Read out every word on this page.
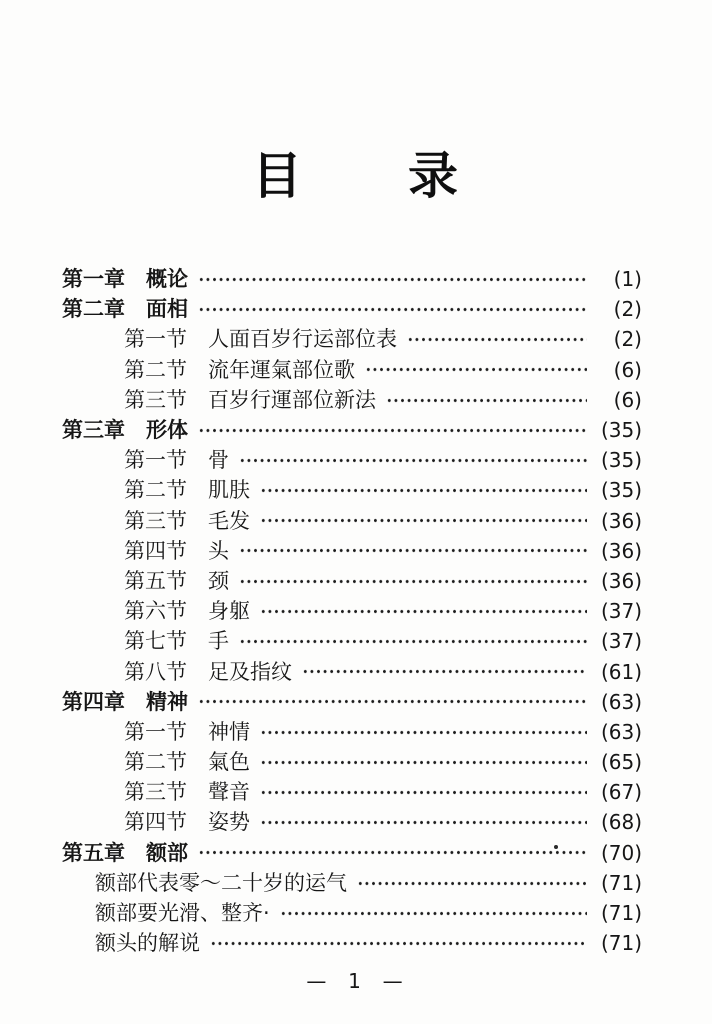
目　　录
第一章　概论	(1)
第二章　面相	(2)
第一节　人面百岁行运部位表	(2)
第二节　流年運氣部位歌	(6)
第三节　百岁行運部位新法	(6)
第三章　形体	(35)
第一节　骨	(35)
第二节　肌肤	(35)
第三节　毛发	(36)
第四节　头	(36)
第五节　颈	(36)
第六节　身躯	(37)
第七节　手	(37)
第八节　足及指纹	(61)
第四章　精神	(63)
第一节　神情	(63)
第二节　氣色	(65)
第三节　聲音	(67)
第四节　姿势	(68)
第五章　额部	(70)
额部代表零～二十岁的运气	(71)
额部要光滑、整齐·	(71)
额头的解说	(71)
—  1  —
